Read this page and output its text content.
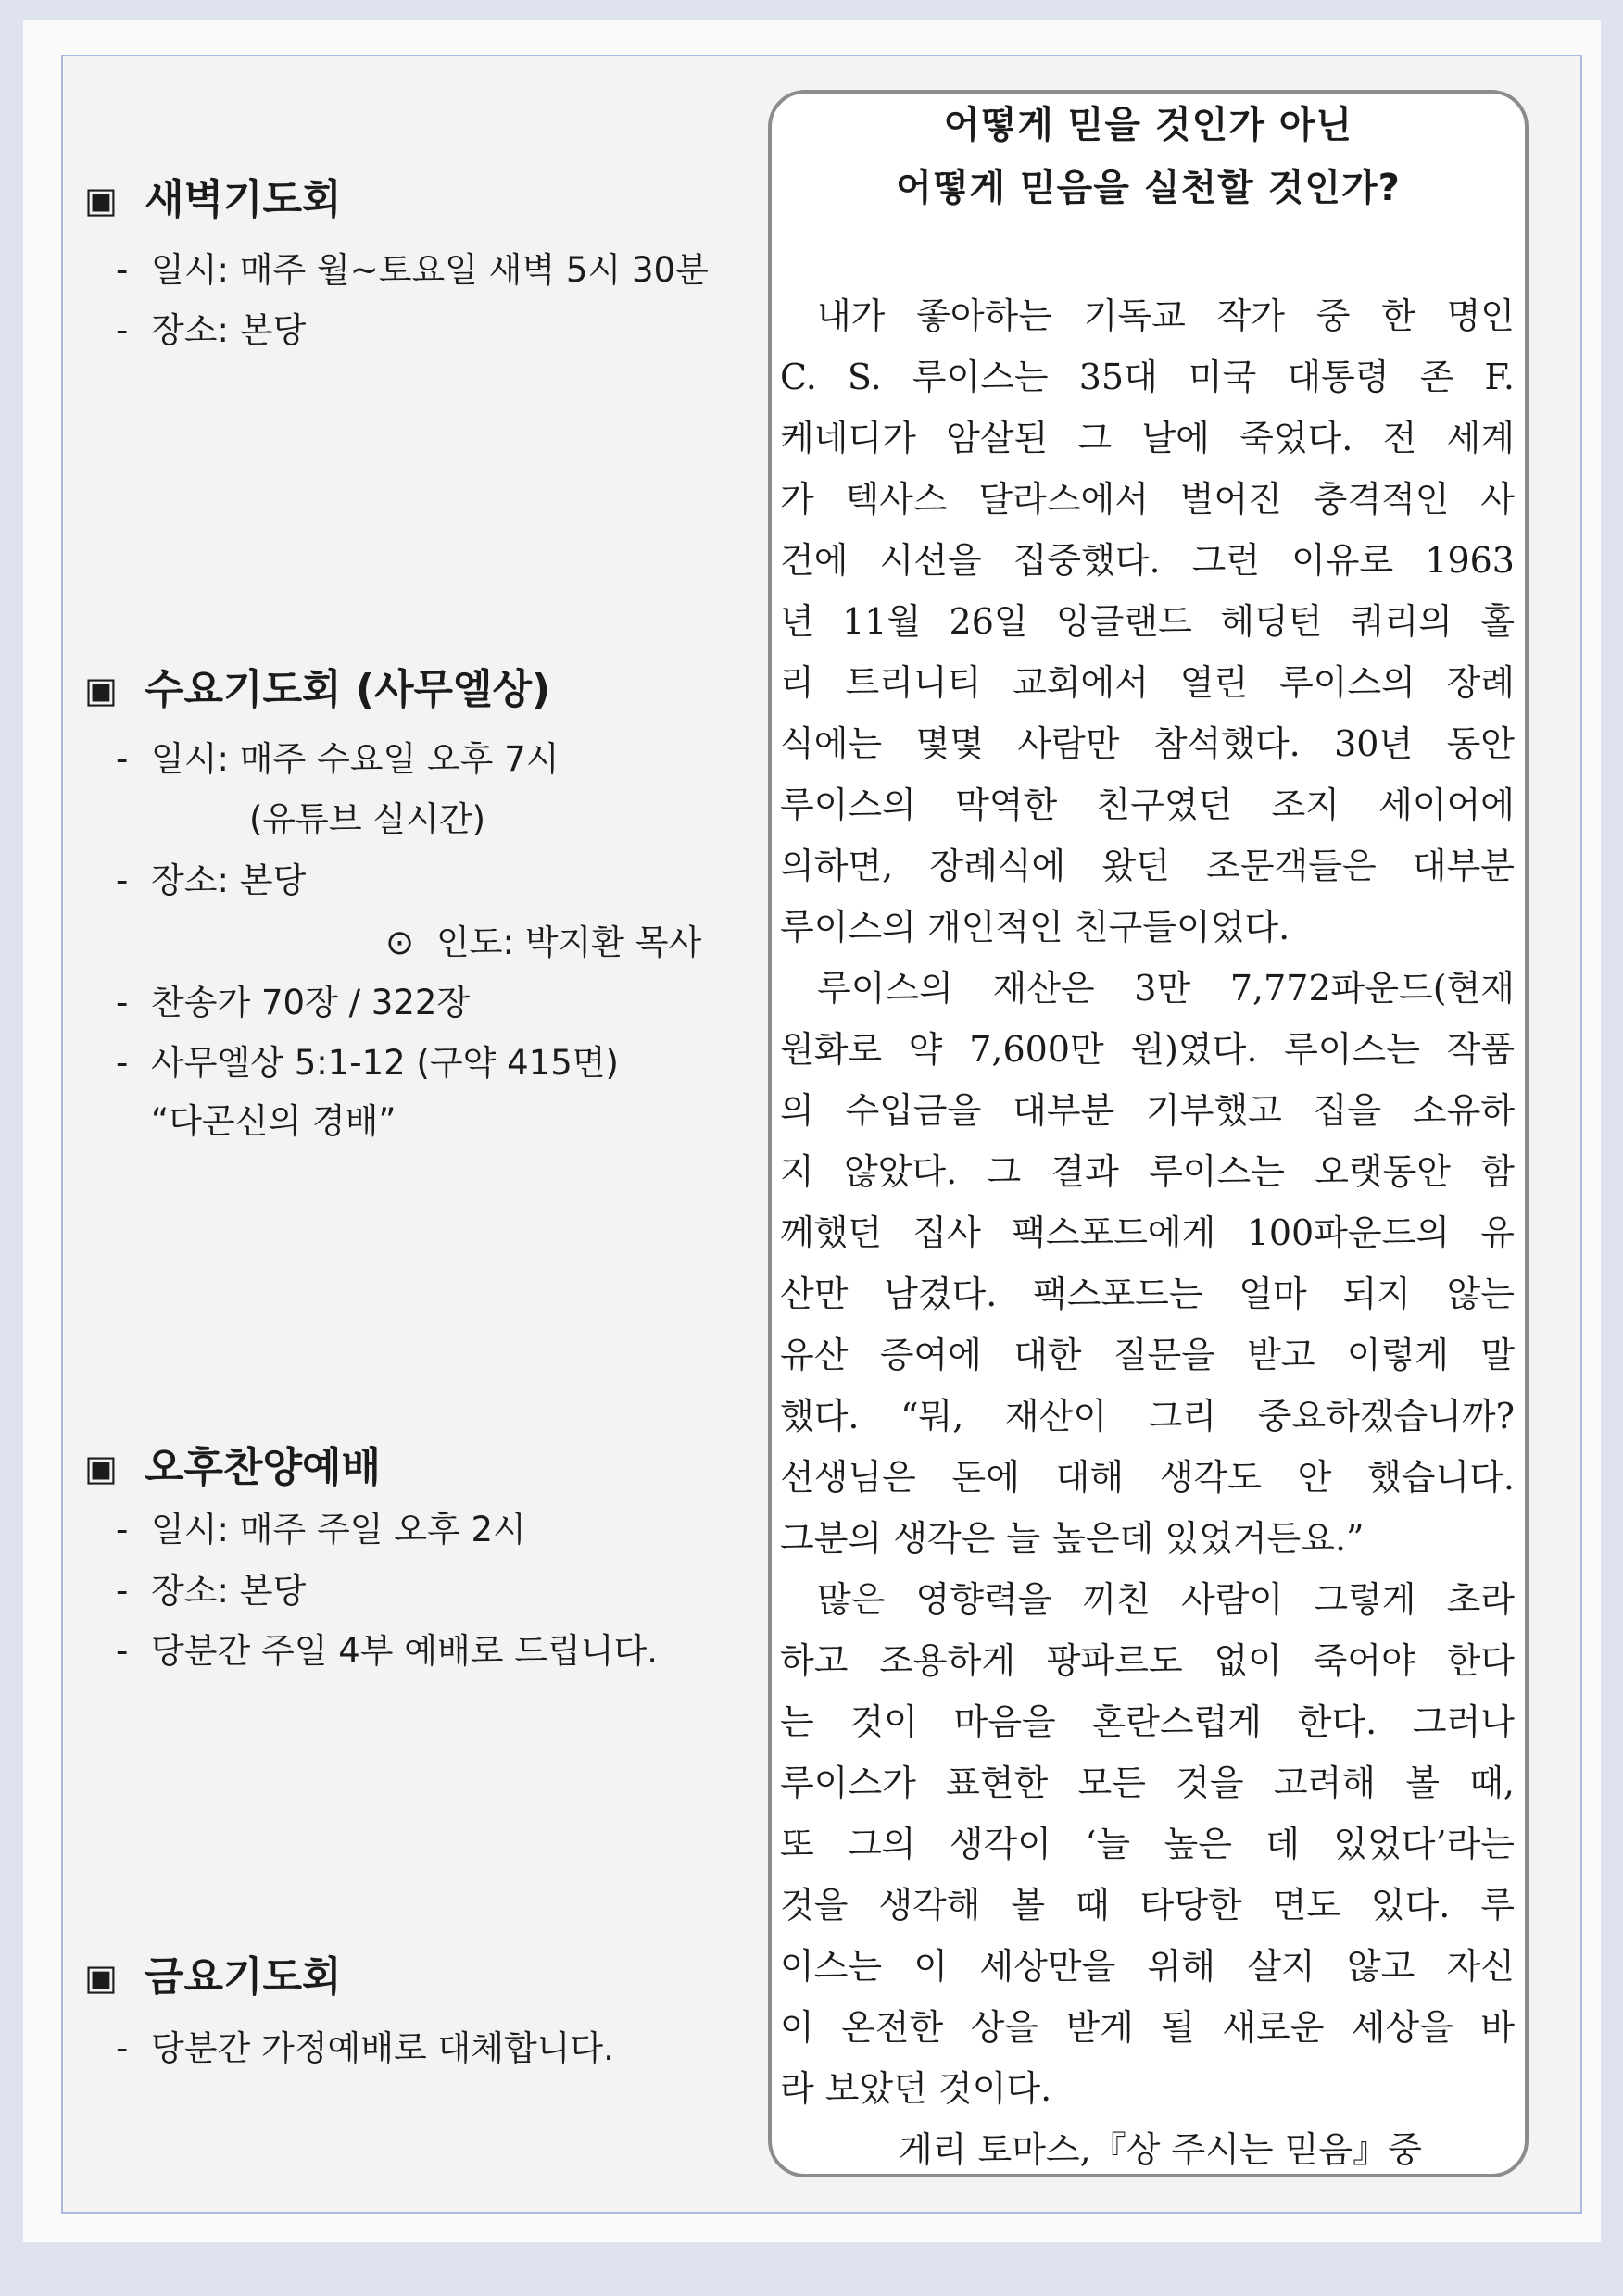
▣ 새벽기도회
- 일시: 매주 월~토요일 새벽 5시 30분
- 장소: 본당
▣ 수요기도회 (사무엘상)
- 일시: 매주 수요일 오후 7시
(유튜브 실시간)
- 장소: 본당
⊙ 인도: 박지환 목사
- 찬송가 70장 / 322장
- 사무엘상 5:1-12 (구약 415면)
“다곤신의 경배”
▣ 오후찬양예배
- 일시: 매주 주일 오후 2시
- 장소: 본당
- 당분간 주일 4부 예배로 드립니다.
▣ 금요기도회
- 당분간 가정예배로 대체합니다.
어떻게 믿을 것인가 아닌
어떻게 믿음을 실천할 것인가?
내가 좋아하는 기독교 작가 중 한 명인
C. S. 루이스는 35대 미국 대통령 존 F.
케네디가 암살된 그 날에 죽었다. 전 세계
가 텍사스 달라스에서 벌어진 충격적인 사
건에 시선을 집중했다. 그런 이유로 1963
년 11월 26일 잉글랜드 헤딩턴 쿼리의 홀
리 트리니티 교회에서 열린 루이스의 장례
식에는 몇몇 사람만 참석했다. 30년 동안
루이스의 막역한 친구였던 조지 세이어에
의하면, 장례식에 왔던 조문객들은 대부분
루이스의 개인적인 친구들이었다.
루이스의 재산은 3만 7,772파운드(현재
원화로 약 7,600만 원)였다. 루이스는 작품
의 수입금을 대부분 기부했고 집을 소유하
지 않았다. 그 결과 루이스는 오랫동안 함
께했던 집사 팩스포드에게 100파운드의 유
산만 남겼다. 팩스포드는 얼마 되지 않는
유산 증여에 대한 질문을 받고 이렇게 말
했다. “뭐, 재산이 그리 중요하겠습니까?
선생님은 돈에 대해 생각도 안 했습니다.
그분의 생각은 늘 높은데 있었거든요.”
많은 영향력을 끼친 사람이 그렇게 초라
하고 조용하게 팡파르도 없이 죽어야 한다
는 것이 마음을 혼란스럽게 한다. 그러나
루이스가 표현한 모든 것을 고려해 볼 때,
또 그의 생각이 ‘늘 높은 데 있었다’라는
것을 생각해 볼 때 타당한 면도 있다. 루
이스는 이 세상만을 위해 살지 않고 자신
이 온전한 상을 받게 될 새로운 세상을 바
라 보았던 것이다.
게리 토마스,『상 주시는 믿음』중
